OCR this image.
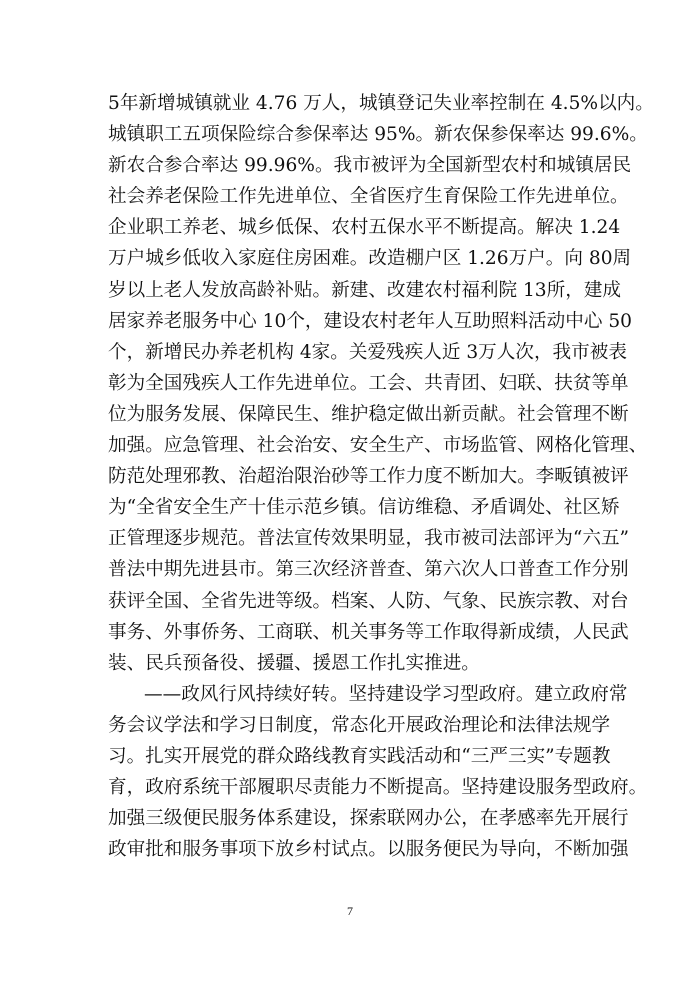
5年新增城镇就业 4.76 万人，城镇登记失业率控制在 4.5%以内。
城镇职工五项保险综合参保率达 95%。新农保参保率达 99.6%。
新农合参合率达 99.96%。我市被评为全国新型农村和城镇居民
社会养老保险工作先进单位、全省医疗生育保险工作先进单位。
企业职工养老、城乡低保、农村五保水平不断提高。解决 1.24
万户城乡低收入家庭住房困难。改造棚户区 1.26万户。向 80周
岁以上老人发放高龄补贴。新建、改建农村福利院 13所，建成
居家养老服务中心 10个，建设农村老年人互助照料活动中心 50
个，新增民办养老机构 4家。关爱残疾人近 3万人次，我市被表
彰为全国残疾人工作先进单位。工会、共青团、妇联、扶贫等单
位为服务发展、保障民生、维护稳定做出新贡献。社会管理不断
加强。应急管理、社会治安、安全生产、市场监管、网格化管理、
防范处理邪教、治超治限治砂等工作力度不断加大。李畈镇被评
为“全省安全生产十佳示范乡镇。信访维稳、矛盾调处、社区矫
正管理逐步规范。普法宣传效果明显，我市被司法部评为“六五”
普法中期先进县市。第三次经济普查、第六次人口普查工作分别
获评全国、全省先进等级。档案、人防、气象、民族宗教、对台
事务、外事侨务、工商联、机关事务等工作取得新成绩，人民武
装、民兵预备役、援疆、援恩工作扎实推进。
——政风行风持续好转。坚持建设学习型政府。建立政府常
务会议学法和学习日制度，常态化开展政治理论和法律法规学
习。扎实开展党的群众路线教育实践活动和“三严三实”专题教
育，政府系统干部履职尽责能力不断提高。坚持建设服务型政府。
加强三级便民服务体系建设，探索联网办公，在孝感率先开展行
政审批和服务事项下放乡村试点。以服务便民为导向，不断加强
7
